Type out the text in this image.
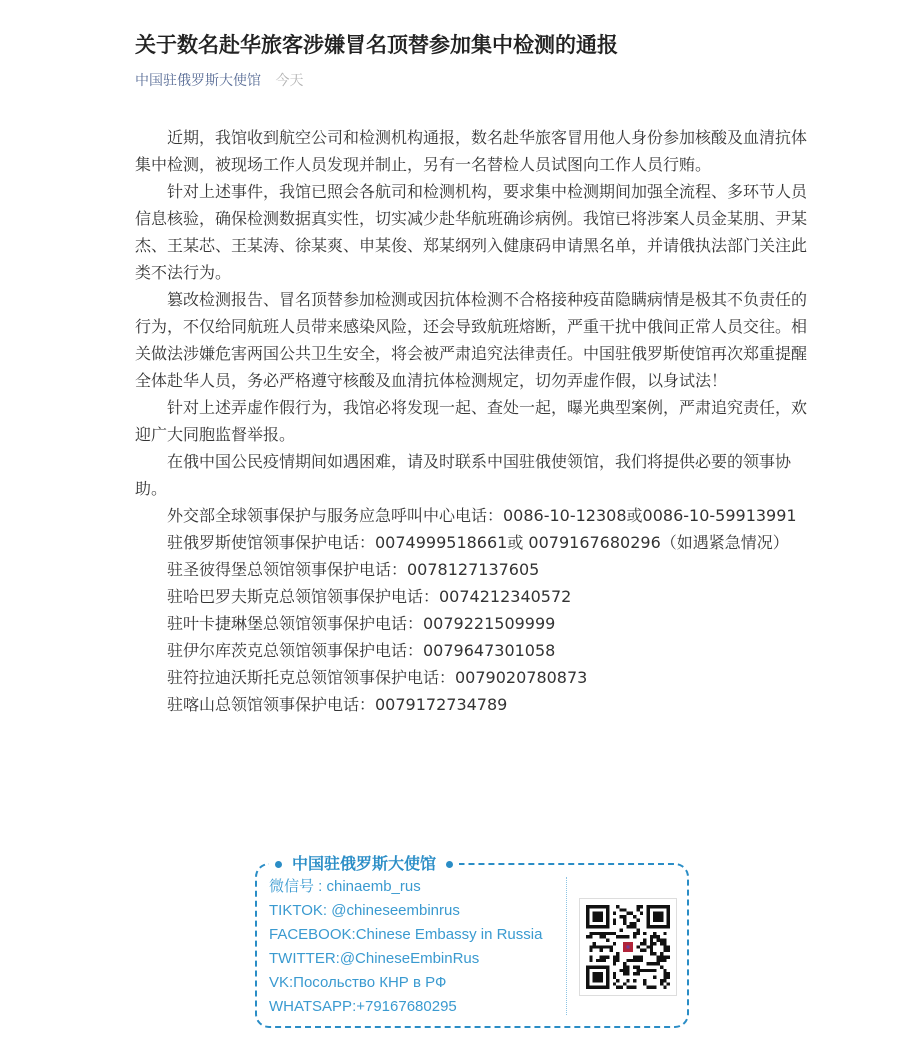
关于数名赴华旅客涉嫌冒名顶替参加集中检测的通报
中国驻俄罗斯大使馆 今天

近期，我馆收到航空公司和检测机构通报，数名赴华旅客冒用他人身份参加核酸及血清抗体集中检测，被现场工作人员发现并制止，另有一名替检人员试图向工作人员行贿。

针对上述事件，我馆已照会各航司和检测机构，要求集中检测期间加强全流程、多环节人员信息核验，确保检测数据真实性，切实减少赴华航班确诊病例。我馆已将涉案人员金某朋、尹某杰、王某芯、王某涛、徐某爽、申某俊、郑某纲列入健康码申请黑名单，并请俄执法部门关注此类不法行为。

篡改检测报告、冒名顶替参加检测或因抗体检测不合格接种疫苗隐瞒病情是极其不负责任的行为，不仅给同航班人员带来感染风险，还会导致航班熔断，严重干扰中俄间正常人员交往。相关做法涉嫌危害两国公共卫生安全，将会被严肃追究法律责任。中国驻俄罗斯使馆再次郑重提醒全体赴华人员，务必严格遵守核酸及血清抗体检测规定，切勿弄虚作假，以身试法！

针对上述弄虚作假行为，我馆必将发现一起、查处一起，曝光典型案例，严肃追究责任，欢迎广大同胞监督举报。

在俄中国公民疫情期间如遇困难，请及时联系中国驻俄使领馆，我们将提供必要的领事协助。

外交部全球领事保护与服务应急呼叫中心电话：0086-10-12308或0086-10-59913991

驻俄罗斯使馆领事保护电话：0074999518661或 0079167680296（如遇紧急情况）

驻圣彼得堡总领馆领事保护电话：0078127137605

驻哈巴罗夫斯克总领馆领事保护电话：0074212340572

驻叶卡捷琳堡总领馆领事保护电话：0079221509999

驻伊尔库茨克总领馆领事保护电话：0079647301058

驻符拉迪沃斯托克总领馆领事保护电话：0079020780873

驻喀山总领馆领事保护电话：0079172734789

中国驻俄罗斯大使馆
微信号 : chinaemb_rus
TIKTOK: @chineseembinrus
FACEBOOK:Chinese Embassy in Russia
TWITTER:@ChineseEmbinRus
VK:Посольство КНР в РФ
WHATSAPP:+79167680295
